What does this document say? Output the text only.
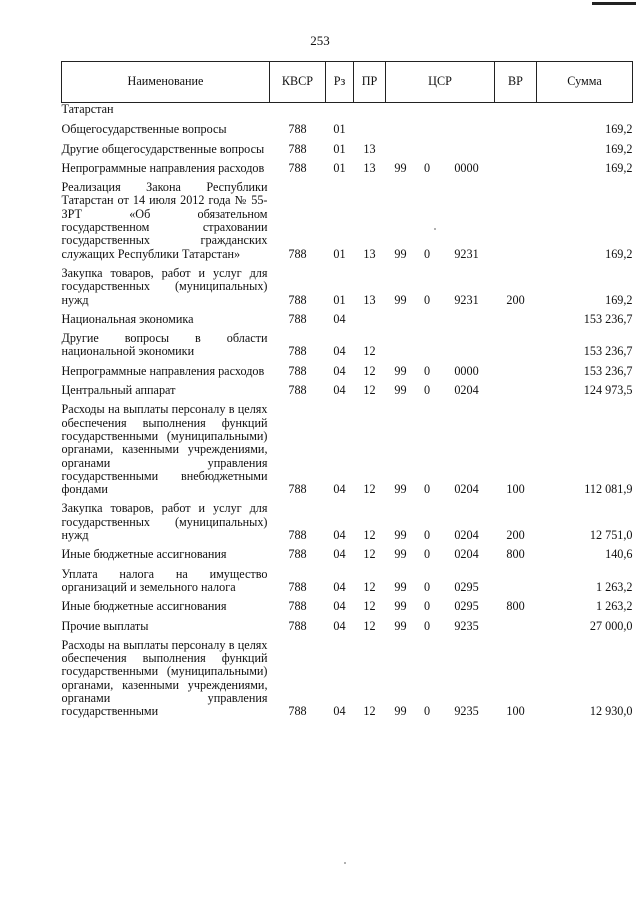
253
Наименование	КВСР	Рз	ПР	ЦСР			ВР	Сумма
Татарстан								
Общегосударственные вопросы	788	01						169,2
Другие общегосударственные вопросы	788	01	13					169,2
Непрограммные направления расходов	788	01	13	99	0	0000		169,2
Реализация Закона Республики Татарстан от 14 июля 2012 года № 55-ЗРТ «Об обязательном государственном страховании государственных гражданских служащих Республики Татарстан»	788	01	13	99	0	9231		169,2
Закупка товаров, работ и услуг для государственных (муниципальных) нужд	788	01	13	99	0	9231	200	169,2
Национальная экономика	788	04						153 236,7
Другие вопросы в области национальной экономики	788	04	12					153 236,7
Непрограммные направления расходов	788	04	12	99	0	0000		153 236,7
Центральный аппарат	788	04	12	99	0	0204		124 973,5
Расходы на выплаты персоналу в целях обеспечения выполнения функций государственными (муниципальными) органами, казенными учреждениями, органами управления государственными внебюджетными фондами	788	04	12	99	0	0204	100	112 081,9
Закупка товаров, работ и услуг для государственных (муниципальных) нужд	788	04	12	99	0	0204	200	12 751,0
Иные бюджетные ассигнования	788	04	12	99	0	0204	800	140,6
Уплата налога на имущество организаций и земельного налога	788	04	12	99	0	0295		1 263,2
Иные бюджетные ассигнования	788	04	12	99	0	0295	800	1 263,2
Прочие выплаты	788	04	12	99	0	9235		27 000,0
Расходы на выплаты персоналу в целях обеспечения выполнения функций государственными (муниципальными) органами, казенными учреждениями, органами управления государственными	788	04	12	99	0	9235	100	12 930,0
